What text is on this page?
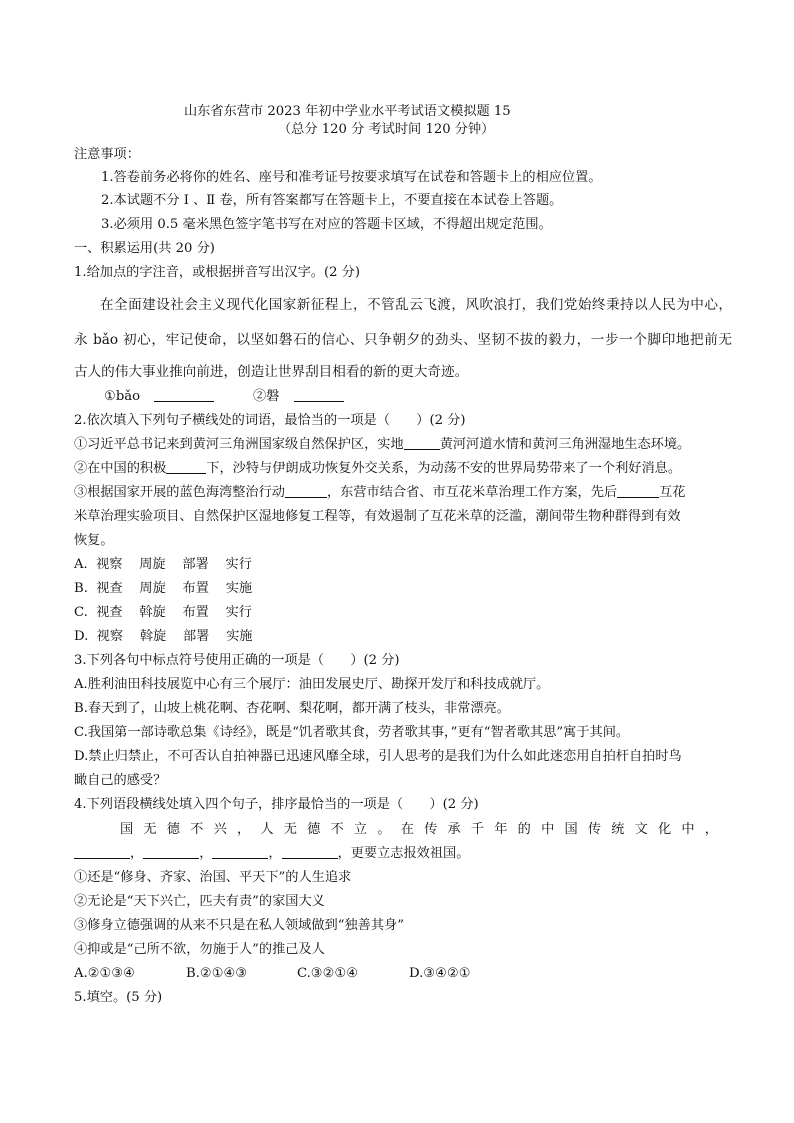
山东省东营市 2023 年初中学业水平考试语文模拟题 15
（总分 120 分 考试时间 120 分钟）
注意事项：
1.答卷前务必将你的姓名、座号和准考证号按要求填写在试卷和答题卡上的相应位置。
2.本试题不分 Ⅰ 、Ⅱ 卷，所有答案都写在答题卡上，不要直接在本试卷上答题。
3.必须用 0.5 毫米黑色签字笔书写在对应的答题卡区域，不得超出规定范围。
一、积累运用(共 20 分)
1.给加点的字注音，或根据拼音写出汉字。(2 分)
在全面建设社会主义现代化国家新征程上，不管乱云飞渡，风吹浪打，我们党始终秉持以人民为中心，
永 bǎo 初心，牢记使命，以坚如磐石的信心、只争朝夕的劲头、坚韧不拔的毅力，一步一个脚印地把前无
古人的伟大事业推向前进，创造让世界刮目相看的新的更大奇迹。
①bǎo	②磐
2.依次填入下列句子横线处的词语，最恰当的一项是（　　）(2 分)
①习近平总书记来到黄河三角洲国家级自然保护区，实地	黄河河道水情和黄河三角洲湿地生态环境。
②在中国的积极	下，沙特与伊朗成功恢复外交关系，为动荡不安的世界局势带来了一个利好消息。
③根据国家开展的蓝色海湾整治行动	，东营市结合省、市互花米草治理工作方案，先后	互花
米草治理实验项目、自然保护区湿地修复工程等，有效遏制了互花米草的泛滥，潮间带生物种群得到有效
恢复。
A.  视察    周旋    部署    实行
B.  视查    周旋    布置    实施
C.  视查    斡旋    布置    实行
D.  视察    斡旋    部署    实施
3.下列各句中标点符号使用正确的一项是（　　）(2 分)
A.胜利油田科技展览中心有三个展厅：油田发展史厅、勘探开发厅和科技成就厅。
B.春天到了，山坡上桃花啊、杏花啊、梨花啊，都开满了枝头，非常漂亮。
C.我国第一部诗歌总集《诗经》，既是“饥者歌其食，劳者歌其事，”更有“智者歌其思”寓于其间。
D.禁止归禁止，不可否认自拍神器已迅速风靡全球，引人思考的是我们为什么如此迷恋用自拍杆自拍时鸟
瞰自己的感受？
4.下列语段横线处填入四个句子，排序最恰当的一项是（　　）(2 分)
国无德不兴，人无德不立。在传承千年的中国传统文化中，
，	，	，	，更要立志报效祖国。
①还是“修身、齐家、治国、平天下”的人生追求
②无论是“天下兴亡，匹夫有责”的家国大义
③修身立德强调的从来不只是在私人领域做到“独善其身”
④抑或是“己所不欲，勿施于人”的推己及人
A.②①③④	B.②①④③	C.③②①④	D.③④②①
5.填空。(5 分)
